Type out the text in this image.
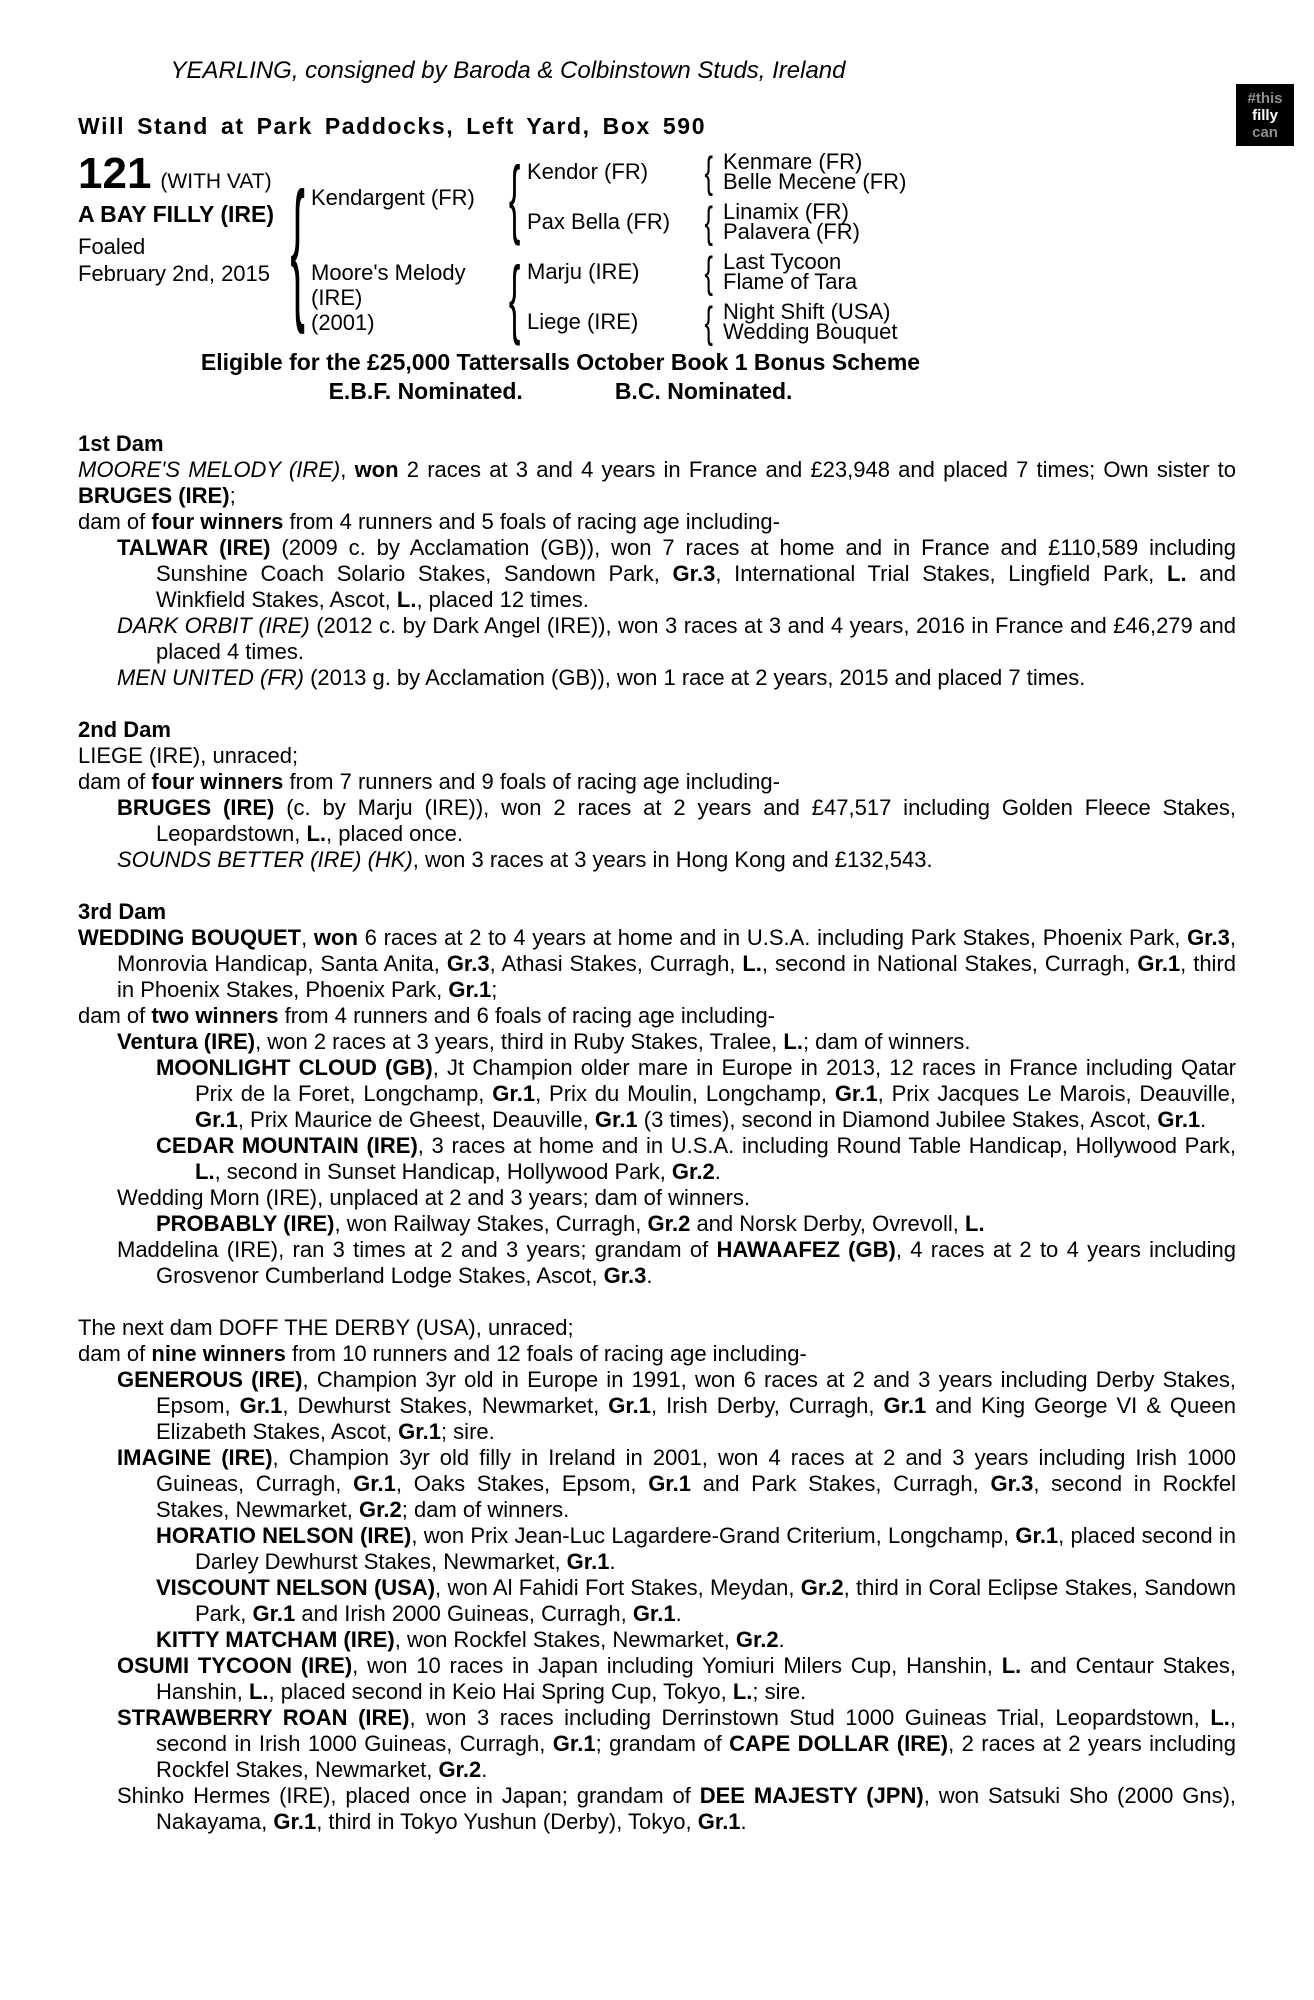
YEARLING, consigned by Baroda & Colbinstown Studs, Ireland
#this
filly
can
Will Stand at Park Paddocks, Left Yard, Box 590
121 (WITH VAT)
A BAY FILLY (IRE)
Foaled
February 2nd, 2015 { Kendargent (FR) { Kendor (FR) { Kenmare (FR)
Belle Mecene (FR)
Pax Bella (FR) { Linamix (FR)
Palavera (FR)
Moore's Melody (IRE)
(2001)	{ Marju (IRE) { Last Tycoon
Flame of Tara
Liege (IRE) { Night Shift (USA)
Wedding Bouquet
Eligible for the £25,000 Tattersalls October Book 1 Bonus Scheme
E.B.F. Nominated.	B.C. Nominated.
1st Dam
MOORE'S MELODY (IRE), won 2 races at 3 and 4 years in France and £23,948 and placed 7 times; Own sister to BRUGES (IRE);
dam of four winners from 4 runners and 5 foals of racing age including-
TALWAR (IRE) (2009 c. by Acclamation (GB)), won 7 races at home and in France and £110,589 including Sunshine Coach Solario Stakes, Sandown Park, Gr.3, International Trial Stakes, Lingfield Park, L. and Winkfield Stakes, Ascot, L., placed 12 times.
DARK ORBIT (IRE) (2012 c. by Dark Angel (IRE)), won 3 races at 3 and 4 years, 2016 in France and £46,279 and placed 4 times.
MEN UNITED (FR) (2013 g. by Acclamation (GB)), won 1 race at 2 years, 2015 and placed 7 times.
2nd Dam
LIEGE (IRE), unraced;
dam of four winners from 7 runners and 9 foals of racing age including-
BRUGES (IRE) (c. by Marju (IRE)), won 2 races at 2 years and £47,517 including Golden Fleece Stakes, Leopardstown, L., placed once.
SOUNDS BETTER (IRE) (HK), won 3 races at 3 years in Hong Kong and £132,543.
3rd Dam
WEDDING BOUQUET, won 6 races at 2 to 4 years at home and in U.S.A. including Park Stakes, Phoenix Park, Gr.3, Monrovia Handicap, Santa Anita, Gr.3, Athasi Stakes, Curragh, L., second in National Stakes, Curragh, Gr.1, third in Phoenix Stakes, Phoenix Park, Gr.1;
dam of two winners from 4 runners and 6 foals of racing age including-
Ventura (IRE), won 2 races at 3 years, third in Ruby Stakes, Tralee, L.; dam of winners.
MOONLIGHT CLOUD (GB), Jt Champion older mare in Europe in 2013, 12 races in France including Qatar Prix de la Foret, Longchamp, Gr.1, Prix du Moulin, Longchamp, Gr.1, Prix Jacques Le Marois, Deauville, Gr.1, Prix Maurice de Gheest, Deauville, Gr.1 (3 times), second in Diamond Jubilee Stakes, Ascot, Gr.1.
CEDAR MOUNTAIN (IRE), 3 races at home and in U.S.A. including Round Table Handicap, Hollywood Park, L., second in Sunset Handicap, Hollywood Park, Gr.2.
Wedding Morn (IRE), unplaced at 2 and 3 years; dam of winners.
PROBABLY (IRE), won Railway Stakes, Curragh, Gr.2 and Norsk Derby, Ovrevoll, L.
Maddelina (IRE), ran 3 times at 2 and 3 years; grandam of HAWAAFEZ (GB), 4 races at 2 to 4 years including Grosvenor Cumberland Lodge Stakes, Ascot, Gr.3.
The next dam DOFF THE DERBY (USA), unraced;
dam of nine winners from 10 runners and 12 foals of racing age including-
GENEROUS (IRE), Champion 3yr old in Europe in 1991, won 6 races at 2 and 3 years including Derby Stakes, Epsom, Gr.1, Dewhurst Stakes, Newmarket, Gr.1, Irish Derby, Curragh, Gr.1 and King George VI & Queen Elizabeth Stakes, Ascot, Gr.1; sire.
IMAGINE (IRE), Champion 3yr old filly in Ireland in 2001, won 4 races at 2 and 3 years including Irish 1000 Guineas, Curragh, Gr.1, Oaks Stakes, Epsom, Gr.1 and Park Stakes, Curragh, Gr.3, second in Rockfel Stakes, Newmarket, Gr.2; dam of winners.
HORATIO NELSON (IRE), won Prix Jean-Luc Lagardere-Grand Criterium, Longchamp, Gr.1, placed second in Darley Dewhurst Stakes, Newmarket, Gr.1.
VISCOUNT NELSON (USA), won Al Fahidi Fort Stakes, Meydan, Gr.2, third in Coral Eclipse Stakes, Sandown Park, Gr.1 and Irish 2000 Guineas, Curragh, Gr.1.
KITTY MATCHAM (IRE), won Rockfel Stakes, Newmarket, Gr.2.
OSUMI TYCOON (IRE), won 10 races in Japan including Yomiuri Milers Cup, Hanshin, L. and Centaur Stakes, Hanshin, L., placed second in Keio Hai Spring Cup, Tokyo, L.; sire.
STRAWBERRY ROAN (IRE), won 3 races including Derrinstown Stud 1000 Guineas Trial, Leopardstown, L., second in Irish 1000 Guineas, Curragh, Gr.1; grandam of CAPE DOLLAR (IRE), 2 races at 2 years including Rockfel Stakes, Newmarket, Gr.2.
Shinko Hermes (IRE), placed once in Japan; grandam of DEE MAJESTY (JPN), won Satsuki Sho (2000 Gns), Nakayama, Gr.1, third in Tokyo Yushun (Derby), Tokyo, Gr.1.
